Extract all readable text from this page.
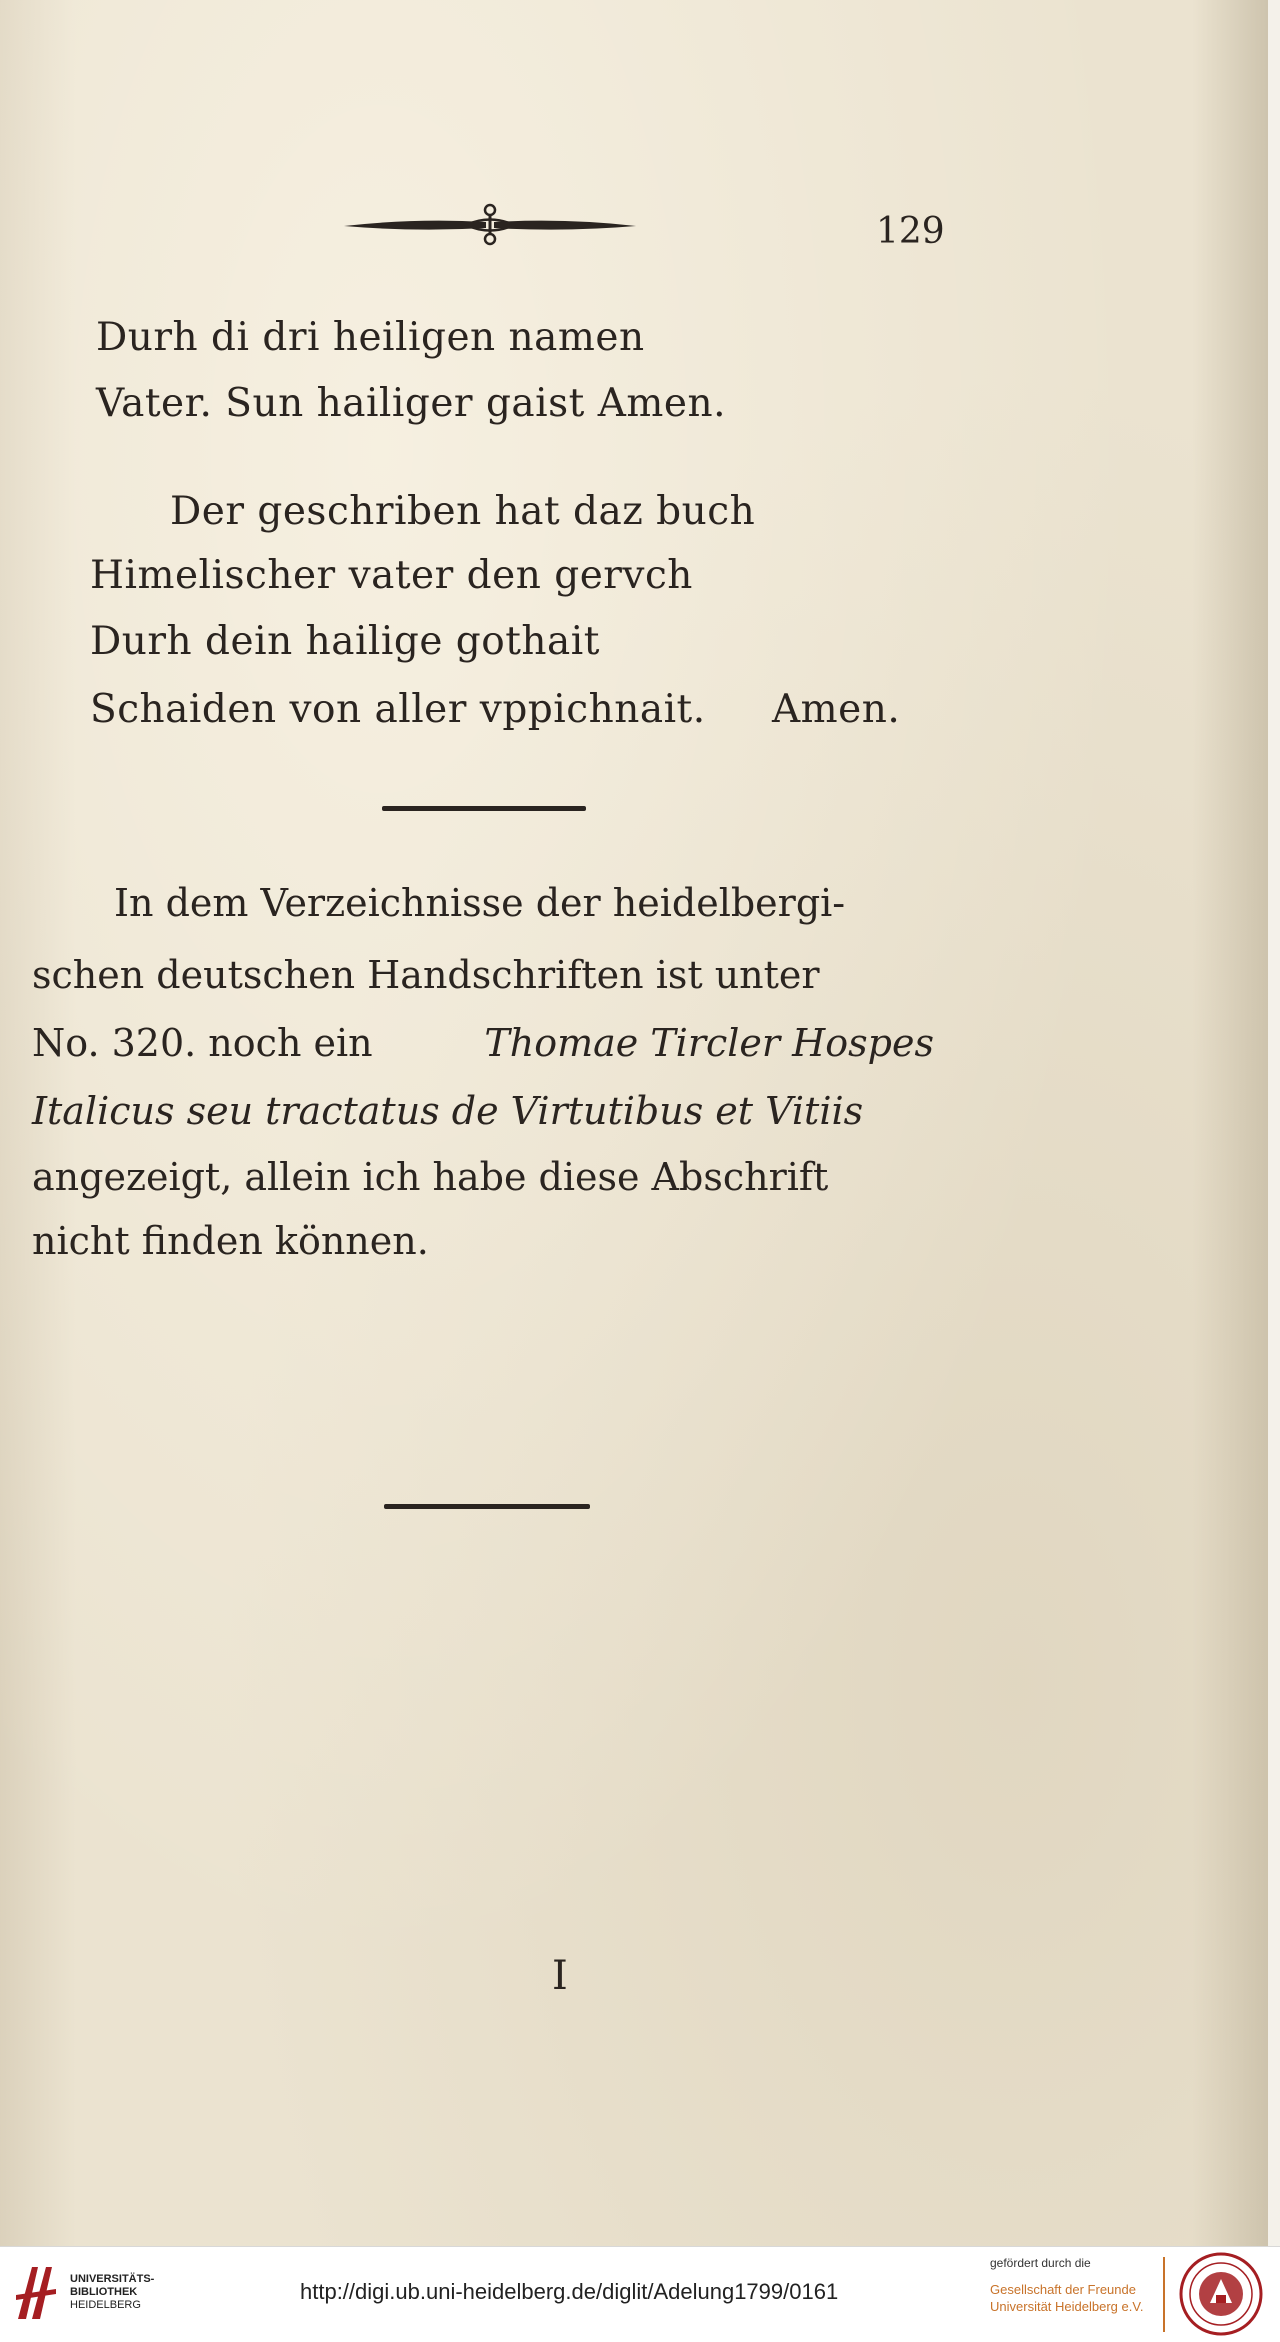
129
Durh di dri heiligen namen
Vater. Sun hailiger gaist Amen.
Der geschriben hat daz buch
Himelischer vater den gervch
Durh dein hailige gothait
Schaiden von aller vppichnait. Amen.
In dem Verzeichnisse der heidelbergi-
schen deutschen Handschriften ist unter
No. 320. noch ein	Thomae Tircler Hospes
Italicus seu tractatus de Virtutibus et Vitiis
angezeigt, allein ich habe diese Abschrift
nicht finden können.
I
UNIVERSITÄTS-
BIBLIOTHEK
HEIDELBERG
http://digi.ub.uni-heidelberg.de/diglit/Adelung1799/0161
gefördert durch die
Gesellschaft der Freunde
Universität Heidelberg e.V.
